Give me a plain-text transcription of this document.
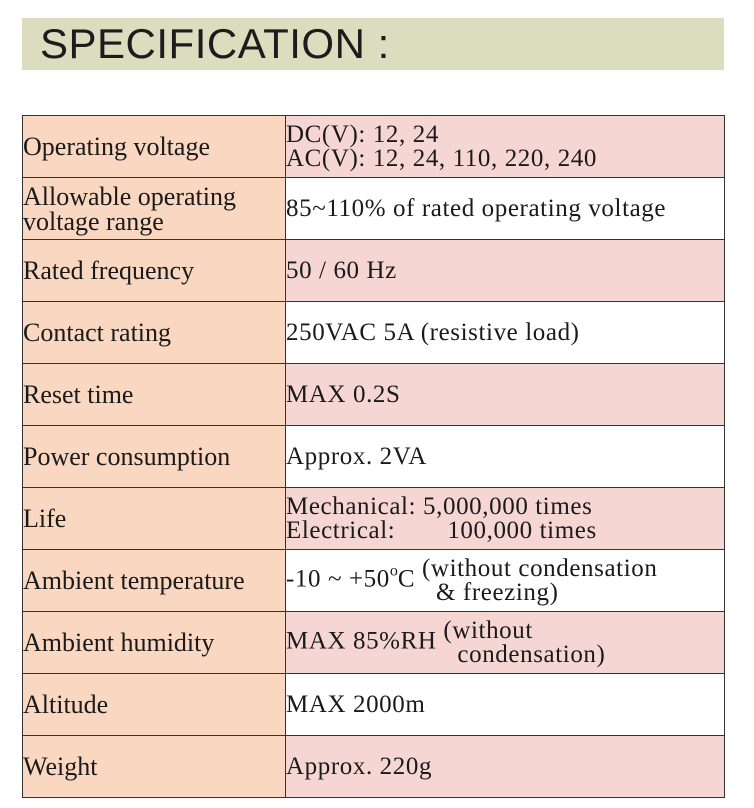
SPECIFICATION :
Operating voltage	DC(V): 12, 24
AC(V): 12, 24, 110, 220, 240

Allowable operating
voltage range	85~110% of rated operating voltage
Rated frequency	50 / 60 Hz
Contact rating	250VAC 5A (resistive load)
Reset time	MAX 0.2S
Power consumption	Approx. 2VA
Life	Mechanical: 5,000,000 times
Electrical: 100,000 times

Ambient temperature	-10 ~ $+50^oC$ (without condensation
& freezing)

Ambient humidity	MAX 85%RH (without
condensation)

Altitude	MAX 2000m
Weight	Approx. 220g
